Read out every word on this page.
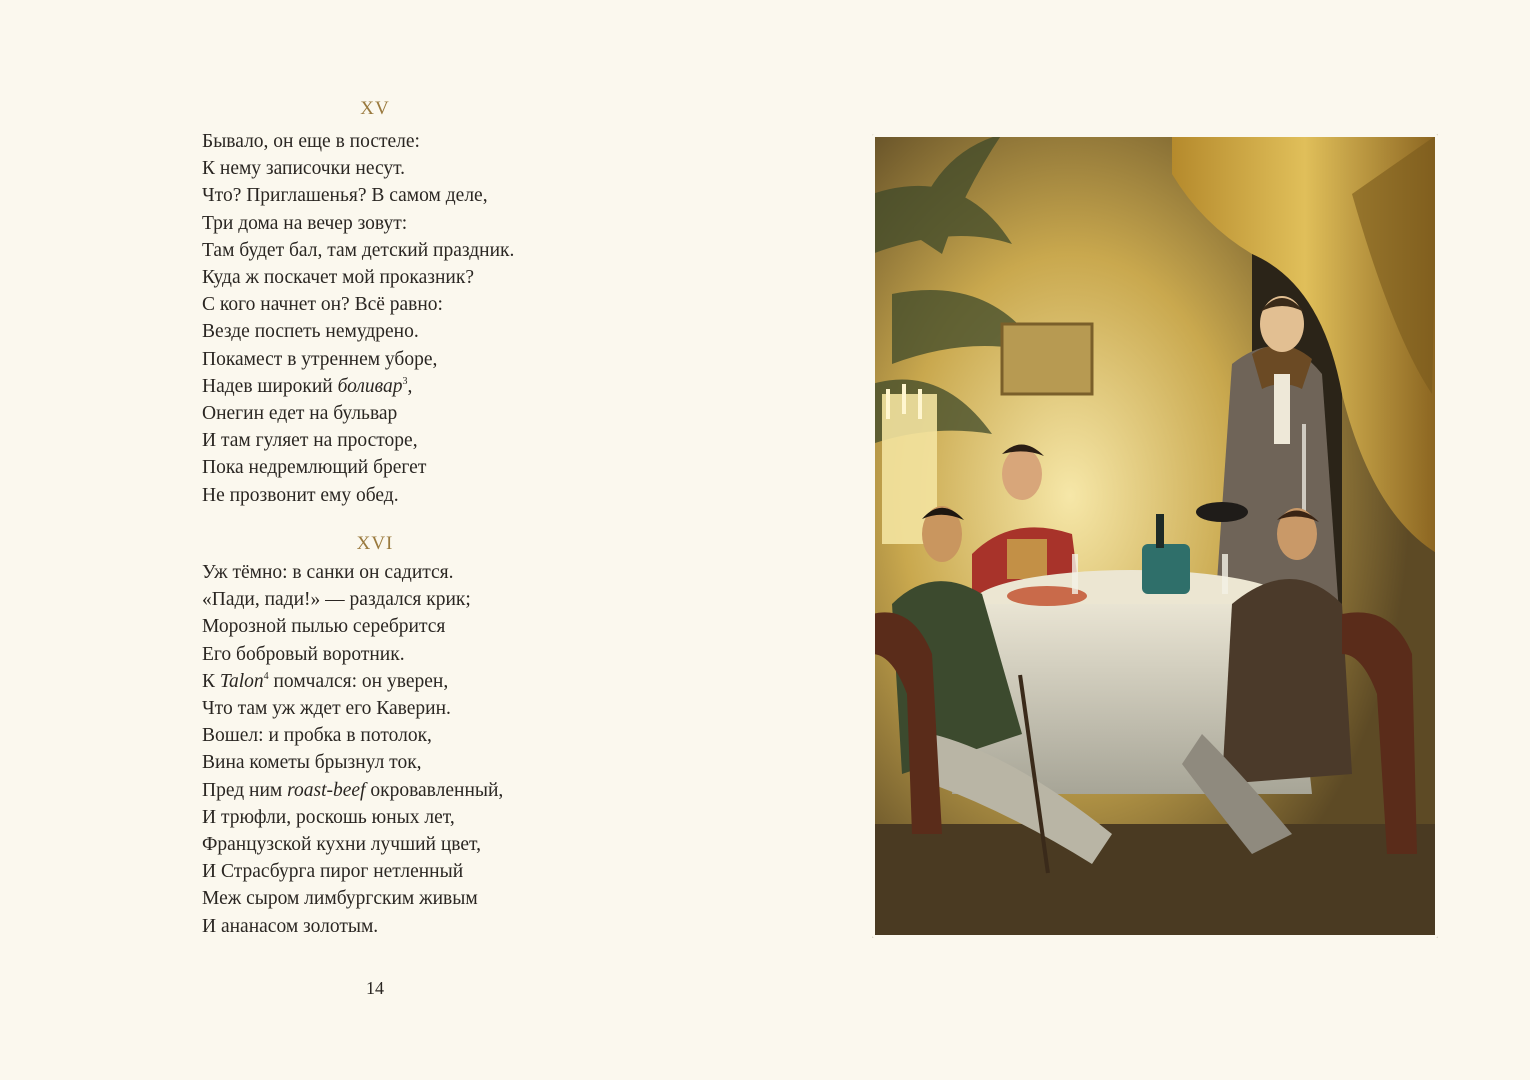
XV
Бывало, он еще в постеле:
К нему записочки несут.
Что? Приглашенья? В самом деле,
Три дома на вечер зовут:
Там будет бал, там детский праздник.
Куда ж поскачет мой проказник?
С кого начнет он? Всё равно:
Везде поспеть немудрено.
Покамест в утреннем уборе,
Надев широкий боливар$^3$,
Онегин едет на бульвар
И там гуляет на просторе,
Пока недремлющий брегет
Не прозвонит ему обед.
XVI
Уж тёмно: в санки он садится.
«Пади, пади!» — раздался крик;
Морозной пылью серебрится
Его бобровый воротник.
К Talon$^4$ помчался: он уверен,
Что там уж ждет его Каверин.
Вошел: и пробка в потолок,
Вина кометы брызнул ток,
Пред ним roast-beef окровавленный,
И трюфли, роскошь юных лет,
Французской кухни лучший цвет,
И Страсбурга пирог нетленный
Меж сыром лимбургским живым
И ананасом золотым.
14
